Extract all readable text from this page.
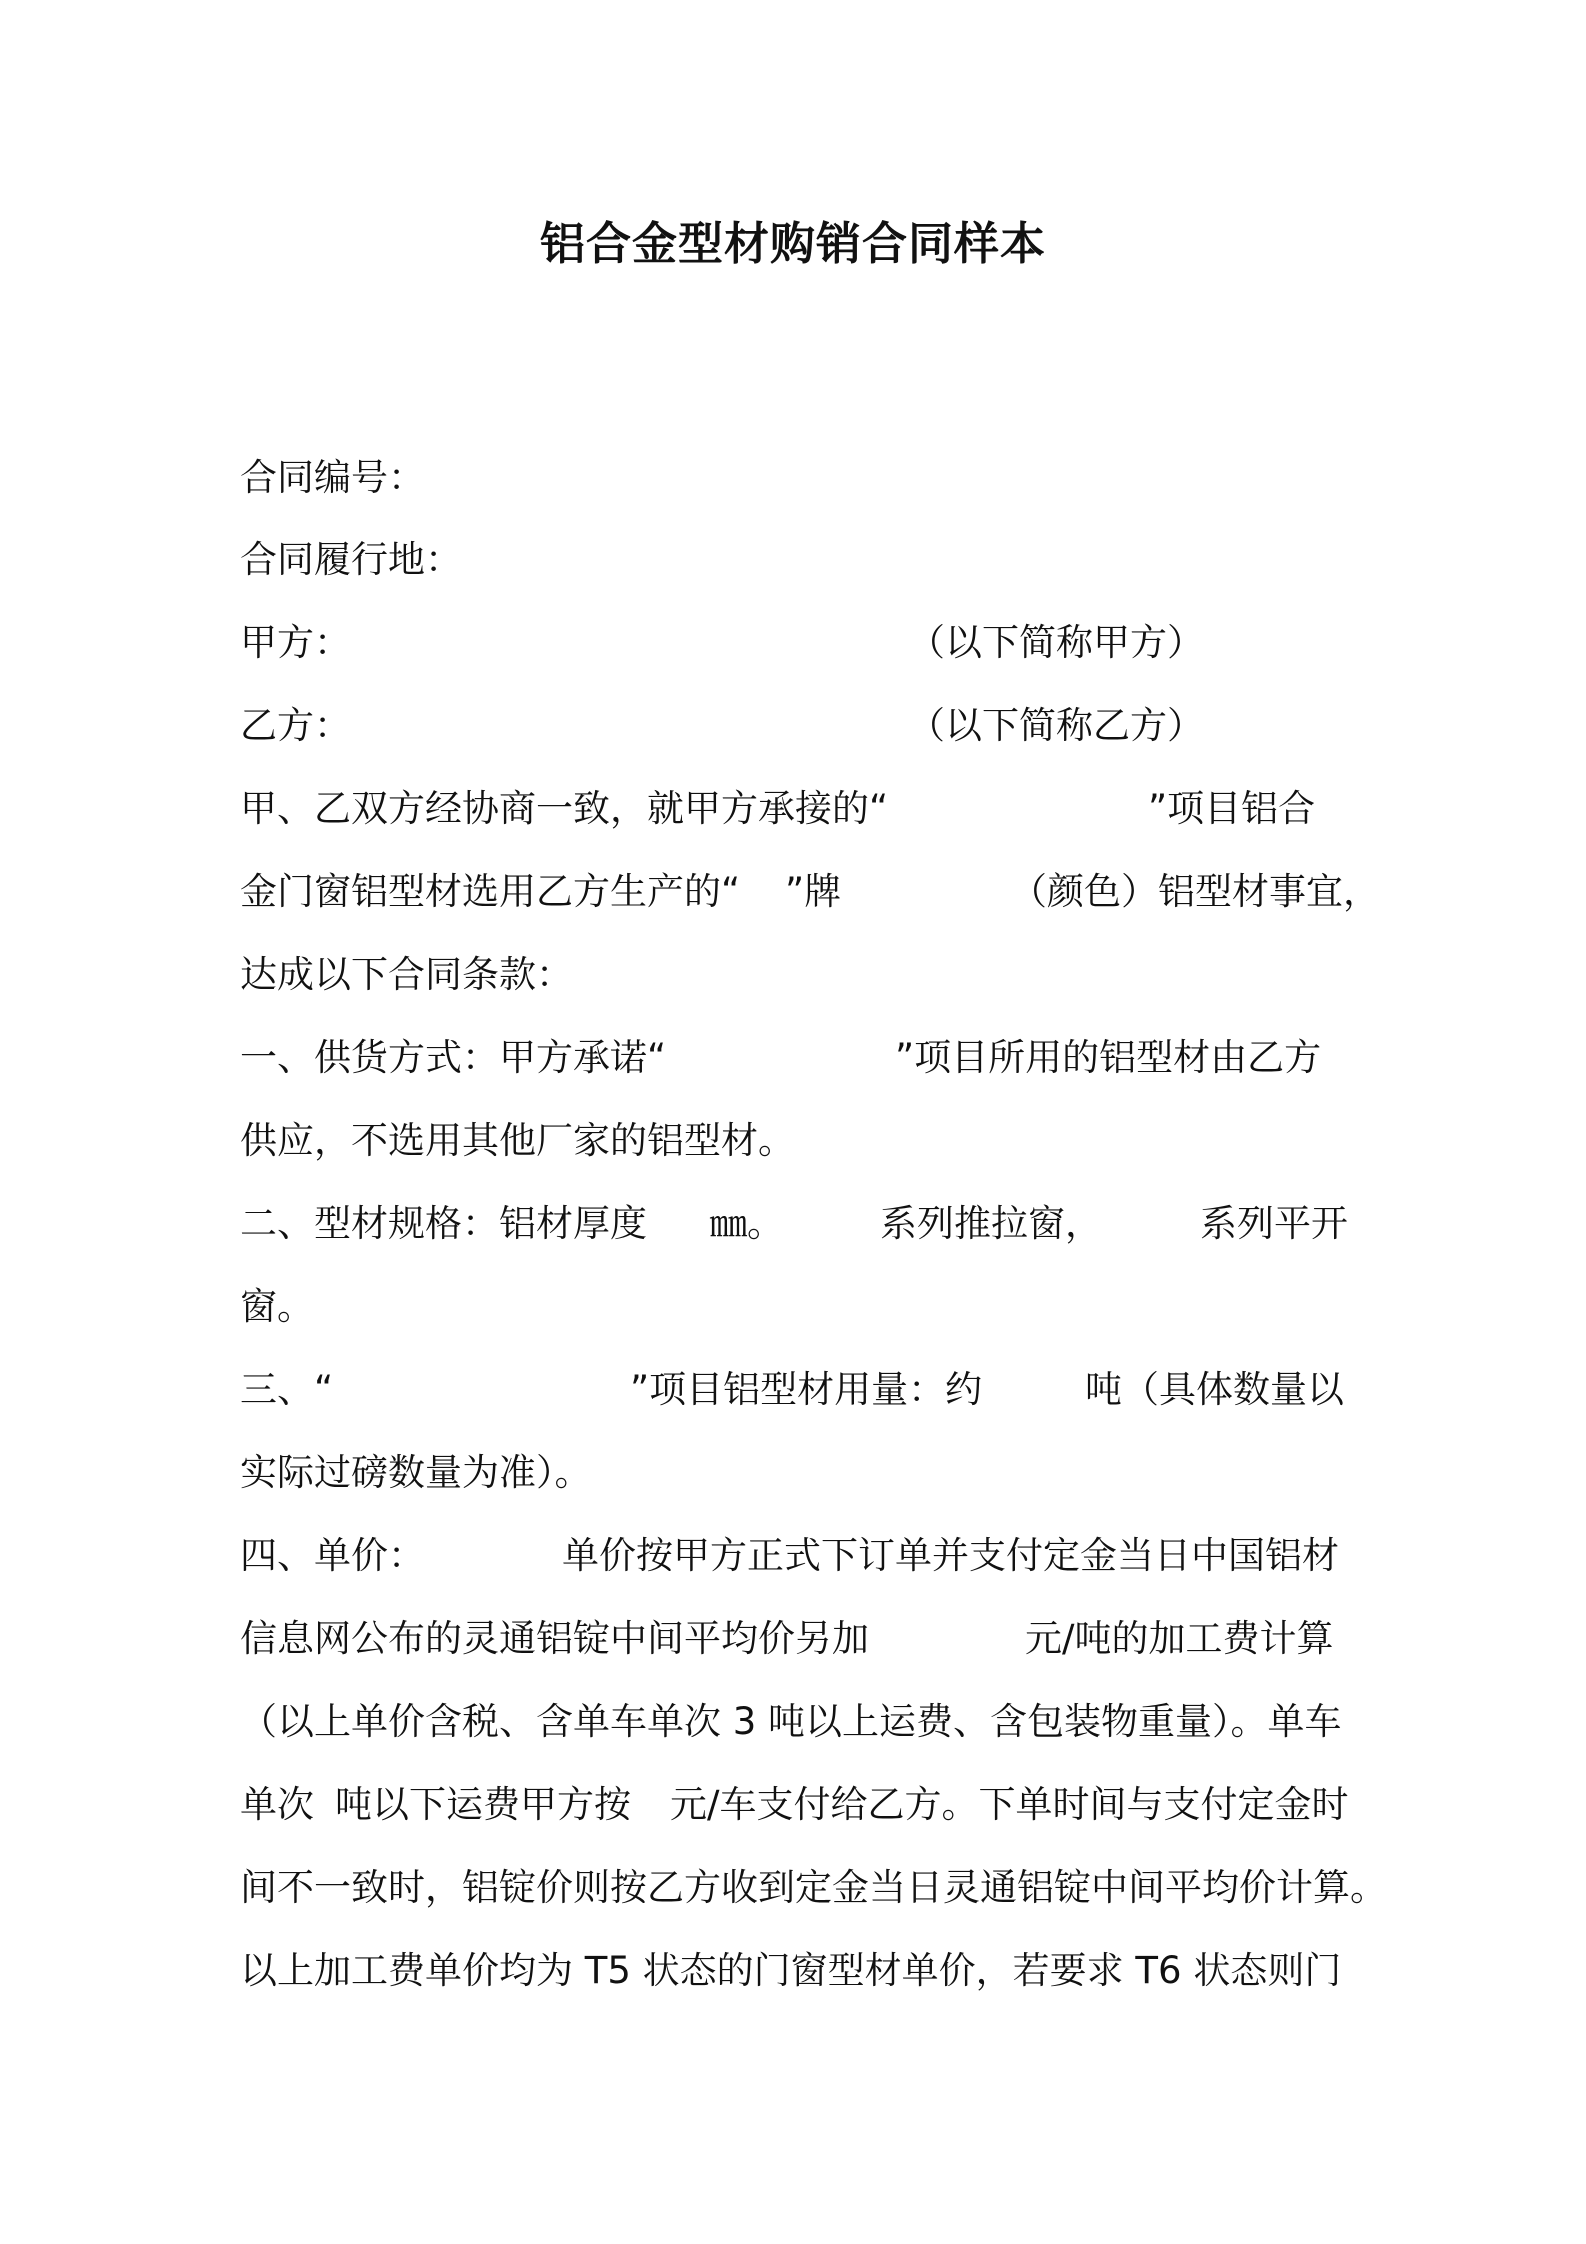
铝合金型材购销合同样本

合同编号：

合同履行地：

甲方：

	（以下简称甲方）

乙方：

	（以下简称乙方）

甲、乙双方经协商一致，就甲方承接的“

	”项目铝合

金门窗铝型材选用乙方生产的“

”牌

	（颜色）铝型材事宜，

达成以下合同条款：

一、供货方式：甲方承诺“

	”项目所用的铝型材由乙方

供应，不选用其他厂家的铝型材。

二、型材规格：铝材厚度

㎜。

	系列推拉窗，

	系列平开

窗。

三、“

	”项目铝型材用量：约

	吨（具体数量以

实际过磅数量为准）。

四、单价：

	单价按甲方正式下订单并支付定金当日中国铝材

信息网公布的灵通铝锭中间平均价另加

	元/吨的加工费计算

（以上单价含税、含单车单次 3 吨以上运费、含包装物重量）。单车

单次

吨以下运费甲方按

元/车支付给乙方。下单时间与支付定金时

间不一致时，铝锭价则按乙方收到定金当日灵通铝锭中间平均价计算。

以上加工费单价均为 T5 状态的门窗型材单价，若要求 T6 状态则门
